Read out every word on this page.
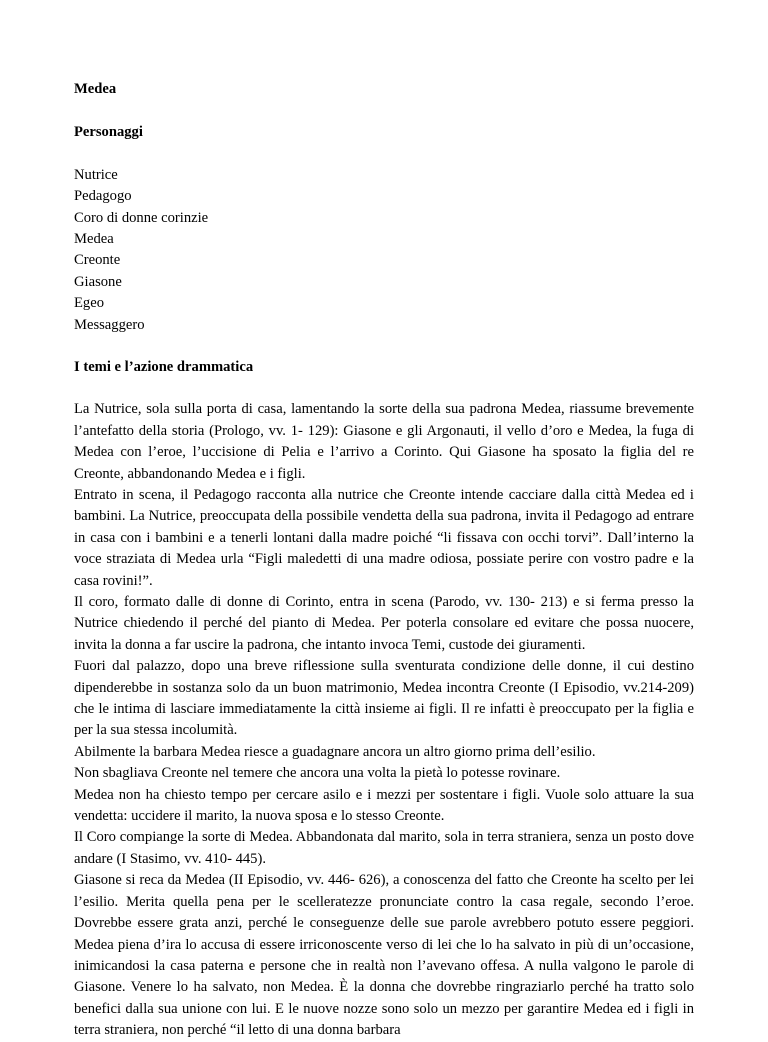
Medea

Personaggi

Nutrice
Pedagogo
Coro di donne corinzie
Medea
Creonte
Giasone
Egeo
Messaggero

I temi e l’azione drammatica

La Nutrice, sola sulla porta di casa, lamentando la sorte della sua padrona Medea, riassume brevemente l’antefatto della storia (Prologo, vv. 1- 129): Giasone e gli Argonauti, il vello d’oro e Medea, la fuga di Medea con l’eroe, l’uccisione di Pelia e l’arrivo a Corinto. Qui Giasone ha sposato la figlia del re Creonte, abbandonando Medea e i figli.

Entrato in scena, il Pedagogo racconta alla nutrice che Creonte intende cacciare dalla città Medea ed i bambini. La Nutrice, preoccupata della possibile vendetta della sua padrona, invita il Pedagogo ad entrare in casa con i bambini e a tenerli lontani dalla madre poiché “li fissava con occhi torvi”. Dall’interno la voce straziata di Medea urla “Figli maledetti di una madre odiosa, possiate perire con vostro padre e la casa rovini!”.

Il coro, formato dalle di donne di Corinto, entra in scena (Parodo, vv. 130- 213) e si ferma presso la Nutrice chiedendo il perché del pianto di Medea. Per poterla consolare ed evitare che possa nuocere, invita la donna a far uscire la padrona, che intanto invoca Temi, custode dei giuramenti.

Fuori dal palazzo, dopo una breve riflessione sulla sventurata condizione delle donne, il cui destino dipenderebbe in sostanza solo da un buon matrimonio, Medea incontra Creonte (I Episodio, vv.214-209) che le intima di lasciare immediatamente la città insieme ai figli. Il re infatti è preoccupato per la figlia e per la sua stessa incolumità.

Abilmente la barbara Medea riesce a guadagnare ancora un altro giorno prima dell’esilio.

Non sbagliava Creonte nel temere che ancora una volta la pietà lo potesse rovinare.

Medea non ha chiesto tempo per cercare asilo e i mezzi per sostentare i figli. Vuole solo attuare la sua vendetta: uccidere il marito, la nuova sposa e lo stesso Creonte.

Il Coro compiange la sorte di Medea. Abbandonata dal marito, sola in terra straniera, senza un posto dove andare (I Stasimo, vv. 410- 445).

Giasone si reca da Medea (II Episodio, vv. 446- 626), a conoscenza del fatto che Creonte ha scelto per lei l’esilio. Merita quella pena per le scelleratezze pronunciate contro la casa regale, secondo l’eroe. Dovrebbe essere grata anzi, perché le conseguenze delle sue parole avrebbero potuto essere peggiori. Medea piena d’ira lo accusa di essere irriconoscente verso di lei che lo ha salvato in più di un’occasione, inimicandosi la casa paterna e persone che in realtà non l’avevano offesa. A nulla valgono le parole di Giasone. Venere lo ha salvato, non Medea. È la donna che dovrebbe ringraziarlo perché ha tratto solo benefici dalla sua unione con lui. E le nuove nozze sono solo un mezzo per garantire Medea ed i figli in terra straniera, non perché “il letto di una donna barbara
